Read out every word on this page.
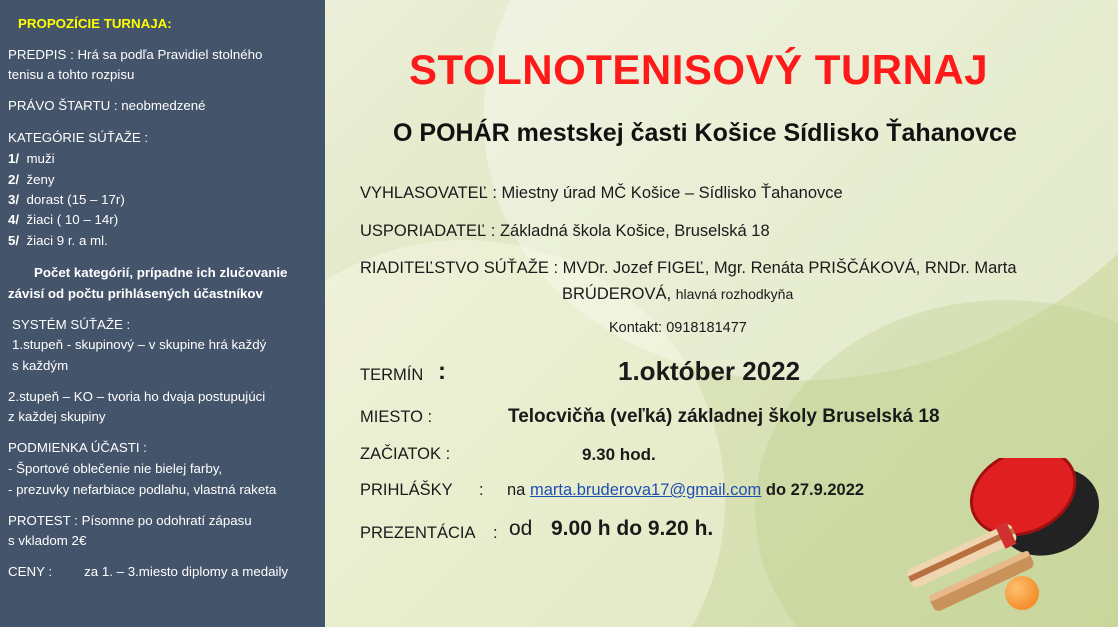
PROPOZÍCIE TURNAJA:
PREDPIS : Hrá sa podľa Pravidiel stolného
tenisu a tohto rozpisu
PRÁVO ŠTARTU : neobmedzené
KATEGÓRIE SÚŤAŽE :
1/ muži
2/ ženy
3/ dorast (15 – 17r)
4/ žiaci ( 10 – 14r)
5/ žiaci 9 r. a ml.
Počet kategórií, prípadne ich zlučovanie
závisí od počtu prihlásených účastníkov
SYSTÉM SÚŤAŽE :
1.stupeň - skupinový – v skupine hrá každý
s každým
2.stupeň – KO – tvoria ho dvaja postupujúci
z každej skupiny
PODMIENKA ÚČASTI :
- Športové oblečenie nie bielej farby,
- prezuvky nefarbiace podlahu, vlastná raketa
PROTEST : Písomne po odohratí zápasu
s vkladom 2€
CENY : za 1. – 3.miesto diplomy a medaily
STOLNOTENISOVÝ TURNAJ
O POHÁR mestskej časti Košice Sídlisko Ťahanovce
VYHLASOVATEĽ : Miestny úrad MČ Košice – Sídlisko Ťahanovce
USPORIADATEĽ : Základná škola Košice, Bruselská 18
RIADITEĽSTVO SÚŤAŽE : MVDr. Jozef FIGEĽ, Mgr. Renáta PRIŠČÁKOVÁ, RNDr. Marta
BRÚDEROVÁ, hlavná rozhodkyňa
Kontakt: 0918181477
TERMÍN :	1.október 2022
MIESTO :	Telocvičňa (veľká) základnej školy Bruselská 18
ZAČIATOK :	9.30 hod.
PRIHLÁŠKY : na marta.bruderova17@gmail.com do 27.9.2022
PREZENTÁCIA : od 9.00 h do 9.20 h.
